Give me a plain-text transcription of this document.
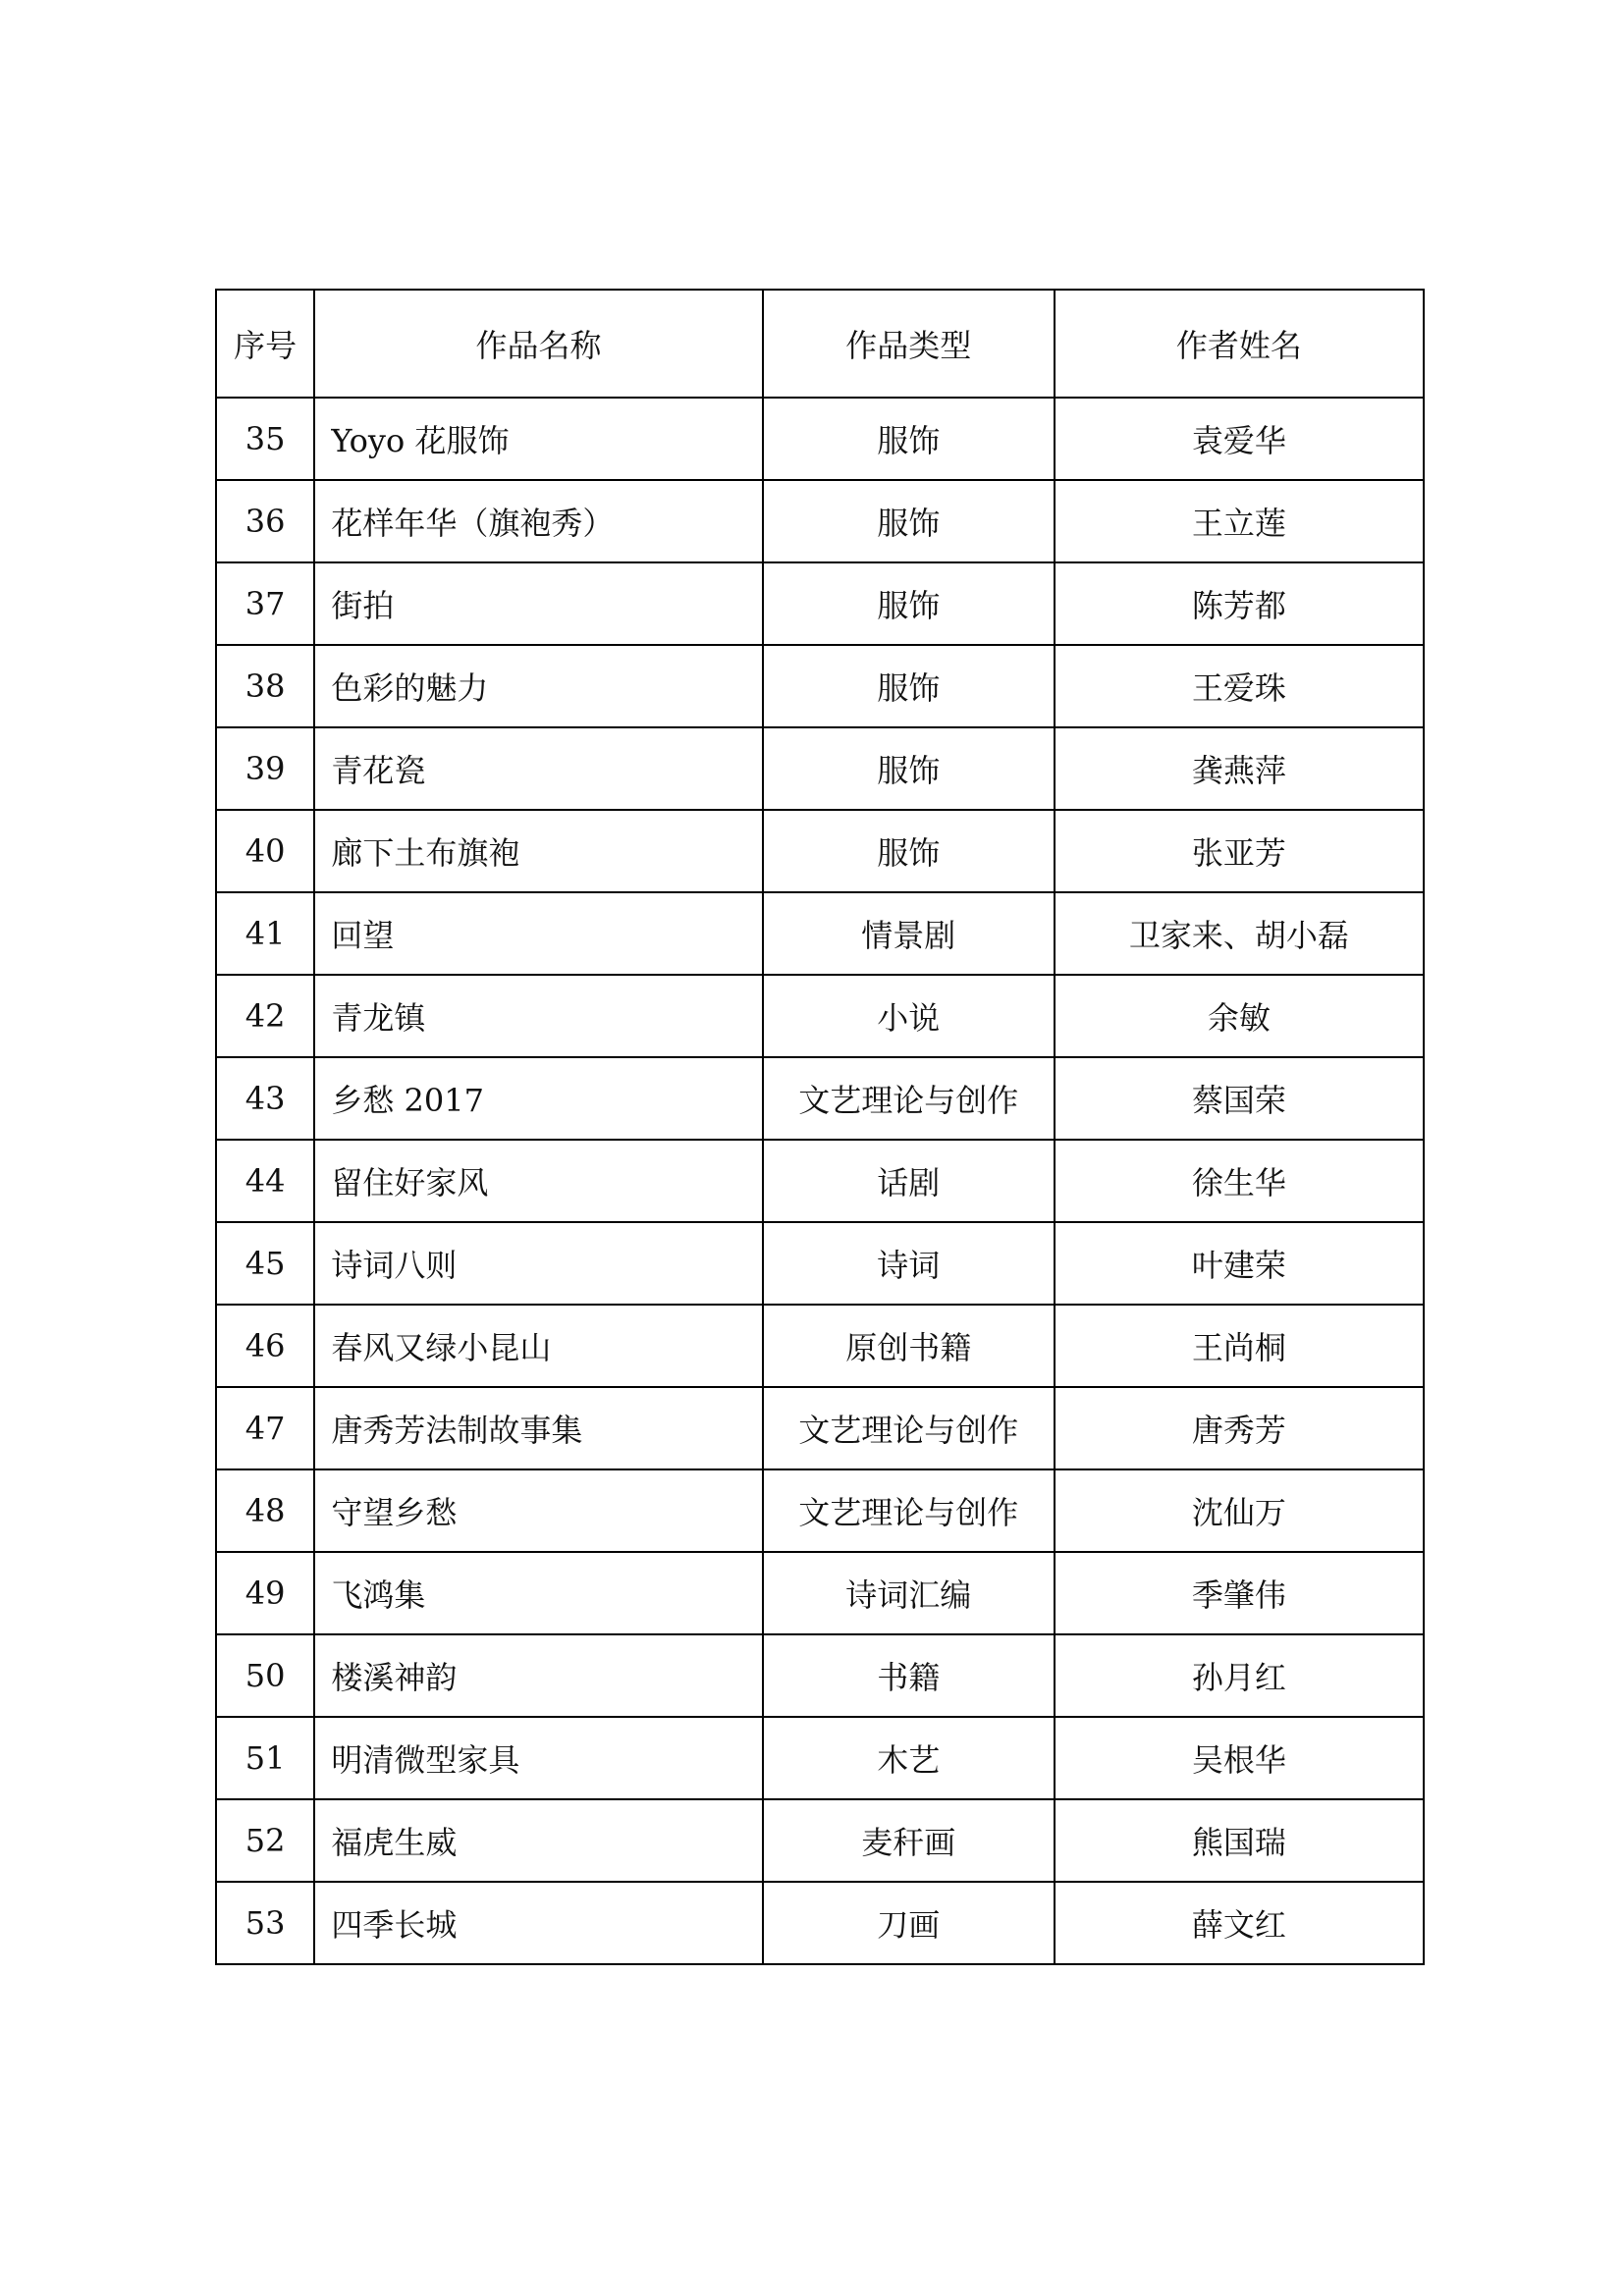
序号	作品名称	作品类型	作者姓名
35	Yoyo 花服饰	服饰	袁爱华
36	花样年华（旗袍秀）	服饰	王立莲
37	街拍	服饰	陈芳都
38	色彩的魅力	服饰	王爱珠
39	青花瓷	服饰	龚燕萍
40	廊下土布旗袍	服饰	张亚芳
41	回望	情景剧	卫家来、胡小磊
42	青龙镇	小说	余敏
43	乡愁 2017	文艺理论与创作	蔡国荣
44	留住好家风	话剧	徐生华
45	诗词八则	诗词	叶建荣
46	春风又绿小昆山	原创书籍	王尚桐
47	唐秀芳法制故事集	文艺理论与创作	唐秀芳
48	守望乡愁	文艺理论与创作	沈仙万
49	飞鸿集	诗词汇编	季肇伟
50	楼溪神韵	书籍	孙月红
51	明清微型家具	木艺	吴根华
52	福虎生威	麦秆画	熊国瑞
53	四季长城	刀画	薛文红
